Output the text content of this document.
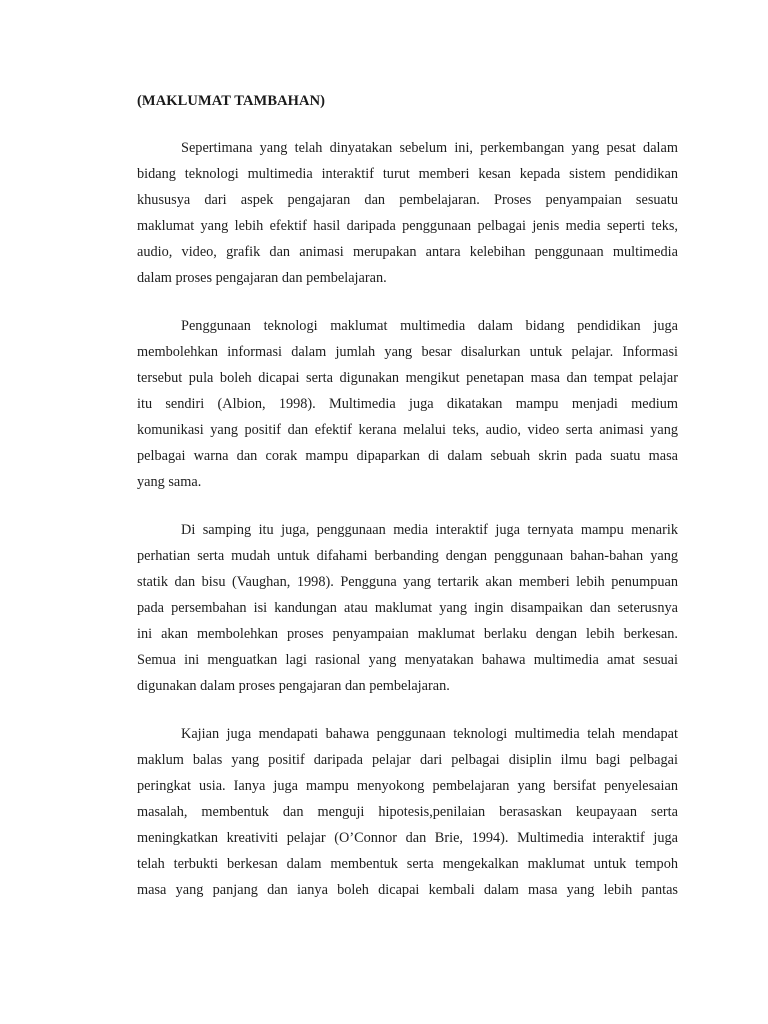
(MAKLUMAT TAMBAHAN)
Sepertimana yang telah dinyatakan sebelum ini, perkembangan yang pesat dalam
bidang teknologi multimedia interaktif turut memberi kesan kepada sistem pendidikan
khususya dari aspek pengajaran dan pembelajaran. Proses penyampaian sesuatu
maklumat yang lebih efektif hasil daripada penggunaan pelbagai jenis media seperti teks,
audio, video, grafik dan animasi merupakan antara kelebihan penggunaan multimedia
dalam proses pengajaran dan pembelajaran.
Penggunaan teknologi maklumat multimedia dalam bidang pendidikan juga
membolehkan informasi dalam jumlah yang besar disalurkan untuk pelajar. Informasi
tersebut pula boleh dicapai serta digunakan mengikut penetapan masa dan tempat pelajar
itu sendiri (Albion, 1998). Multimedia juga dikatakan mampu menjadi medium
komunikasi yang positif dan efektif kerana melalui teks, audio, video serta animasi yang
pelbagai warna dan corak mampu dipaparkan di dalam sebuah skrin pada suatu masa
yang sama.
Di samping itu juga, penggunaan media interaktif juga ternyata mampu menarik
perhatian serta mudah untuk difahami berbanding dengan penggunaan bahan-bahan yang
statik dan bisu (Vaughan, 1998). Pengguna yang tertarik akan memberi lebih penumpuan
pada persembahan isi kandungan atau maklumat yang ingin disampaikan dan seterusnya
ini akan membolehkan proses penyampaian maklumat berlaku dengan lebih berkesan.
Semua ini menguatkan lagi rasional yang menyatakan bahawa multimedia amat sesuai
digunakan dalam proses pengajaran dan pembelajaran.
Kajian juga mendapati bahawa penggunaan teknologi multimedia telah mendapat
maklum balas yang positif daripada pelajar dari pelbagai disiplin ilmu bagi pelbagai
peringkat usia. Ianya juga mampu menyokong pembelajaran yang bersifat penyelesaian
masalah, membentuk dan menguji hipotesis,penilaian berasaskan keupayaan serta
meningkatkan kreativiti pelajar (O’Connor dan Brie, 1994). Multimedia interaktif juga
telah terbukti berkesan dalam membentuk serta mengekalkan maklumat untuk tempoh
masa yang panjang dan ianya boleh dicapai kembali dalam masa yang lebih pantas
